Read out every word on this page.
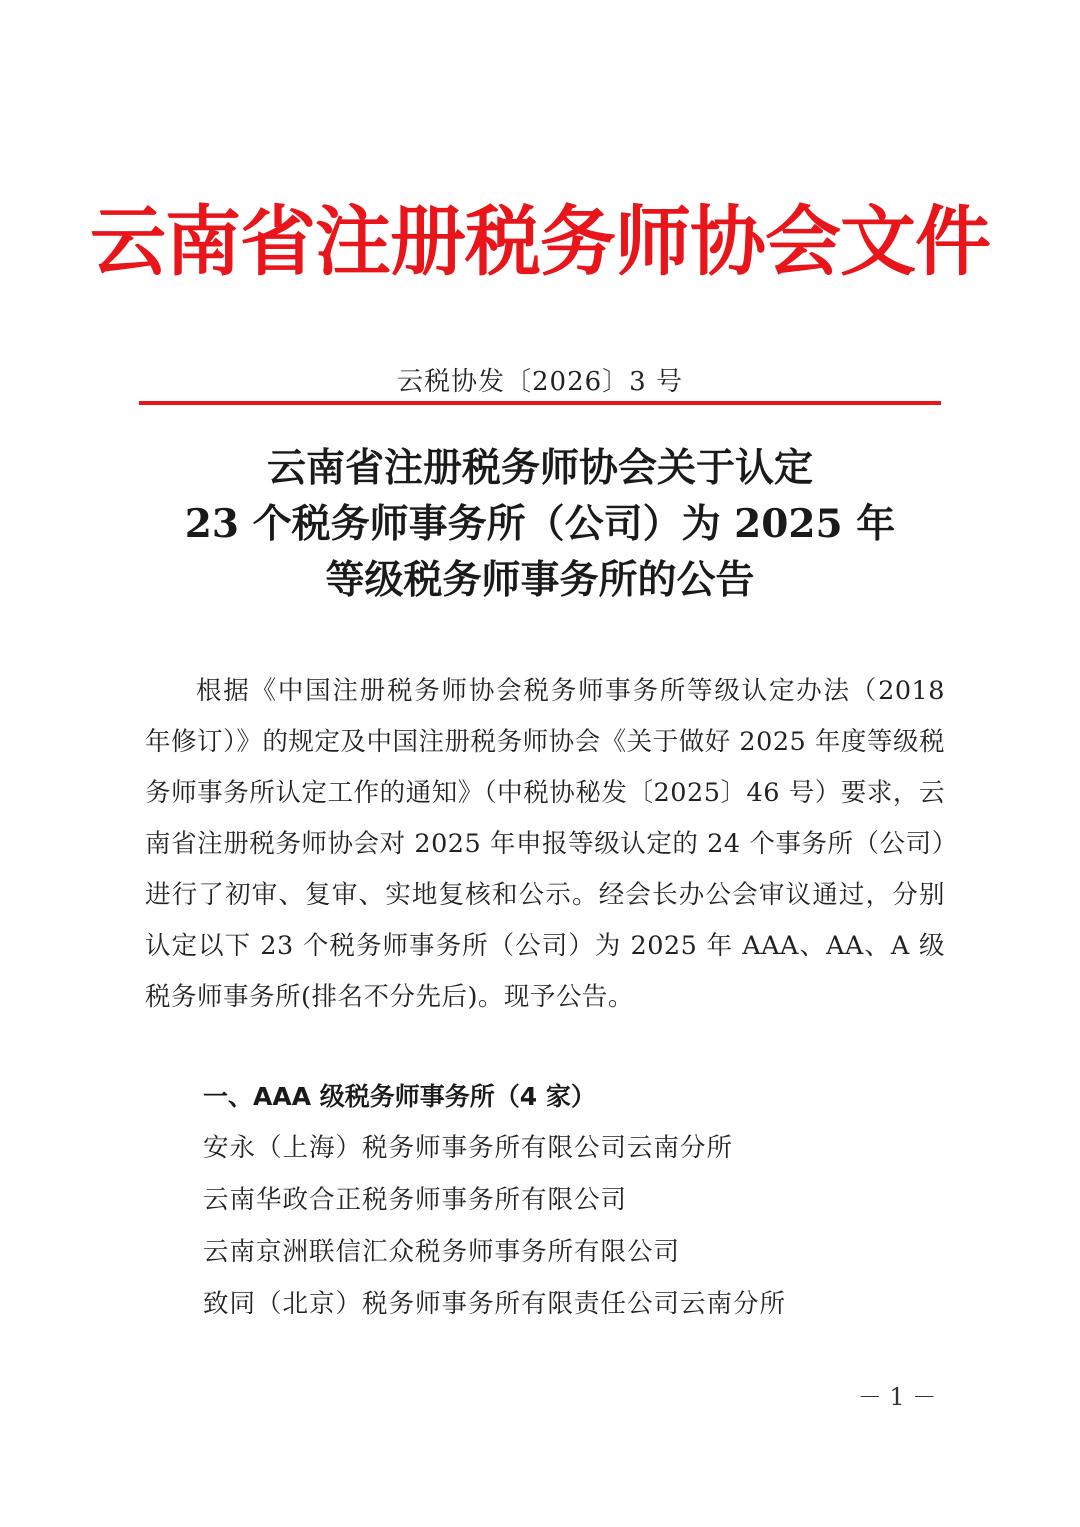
云南省注册税务师协会文件
云税协发〔2026〕3 号
云南省注册税务师协会关于认定
23 个税务师事务所（公司）为 2025 年
等级税务师事务所的公告
根据《中国注册税务师协会税务师事务所等级认定办法（2018 年修订）》的规定及中国注册税务师协会《关于做好 2025 年度等级税务师事务所认定工作的通知》（中税协秘发〔2025〕46 号）要求，云南省注册税务师协会对 2025 年申报等级认定的 24 个事务所（公司）进行了初审、复审、实地复核和公示。经会长办公会审议通过，分别认定以下 23 个税务师事务所（公司）为 2025 年 AAA、AA、A 级税务师事务所(排名不分先后)。现予公告。
一、AAA 级税务师事务所（4 家）
安永（上海）税务师事务所有限公司云南分所
云南华政合正税务师事务所有限公司
云南京洲联信汇众税务师事务所有限公司
致同（北京）税务师事务所有限责任公司云南分所
－ 1 －
